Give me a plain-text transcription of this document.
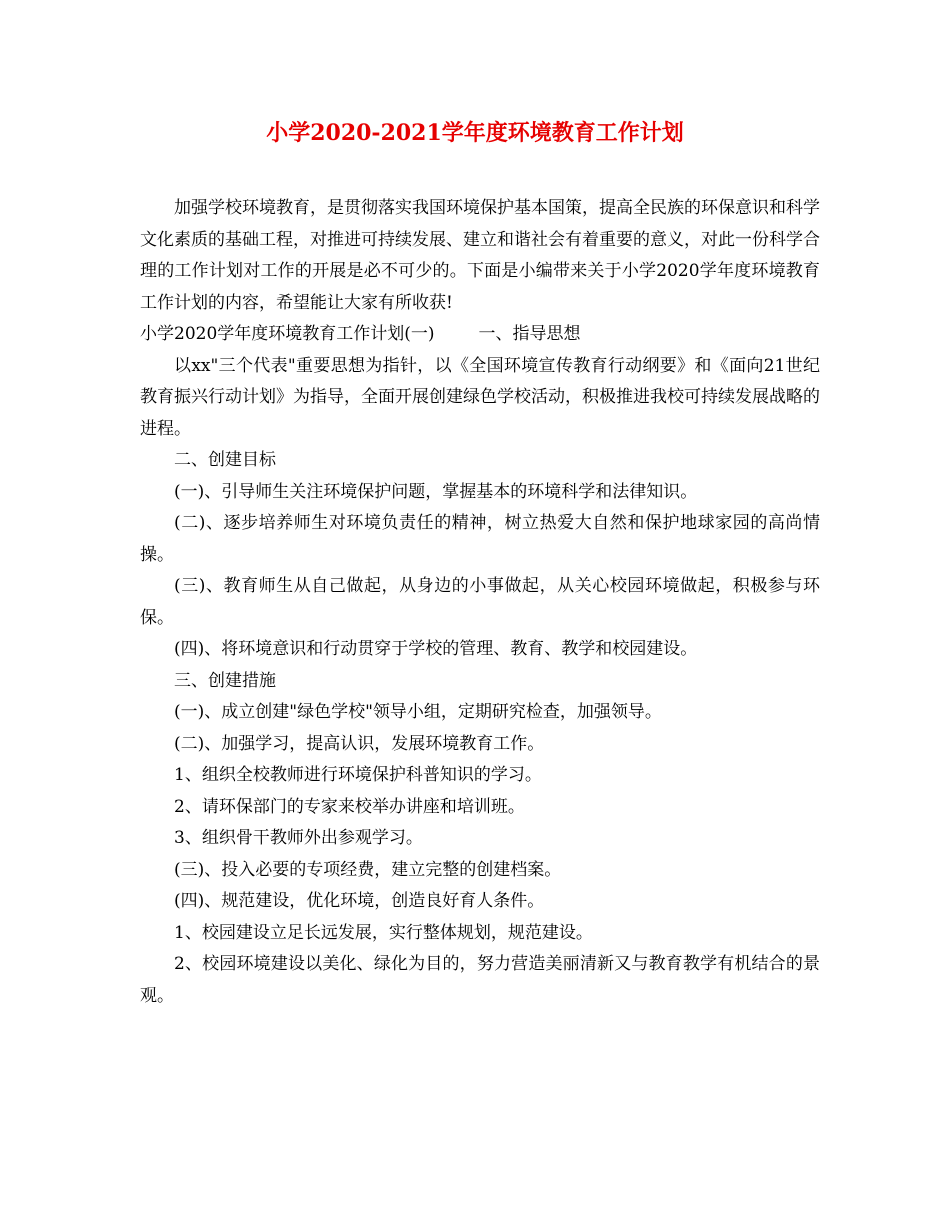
小学2020-2021学年度环境教育工作计划

加强学校环境教育，是贯彻落实我国环境保护基本国策，提高全民族的环保意识和科学文化素质的基础工程，对推进可持续发展、建立和谐社会有着重要的意义，对此一份科学合理的工作计划对工作的开展是必不可少的。下面是小编带来关于小学2020学年度环境教育工作计划的内容，希望能让大家有所收获!

小学2020学年度环境教育工作计划(一)	一、指导思想

以xx"三个代表"重要思想为指针，以《全国环境宣传教育行动纲要》和《面向21世纪教育振兴行动计划》为指导，全面开展创建绿色学校活动，积极推进我校可持续发展战略的进程。

二、创建目标

(一)、引导师生关注环境保护问题，掌握基本的环境科学和法律知识。

(二)、逐步培养师生对环境负责任的精神，树立热爱大自然和保护地球家园的高尚情操。

(三)、教育师生从自己做起，从身边的小事做起，从关心校园环境做起，积极参与环保。

(四)、将环境意识和行动贯穿于学校的管理、教育、教学和校园建设。

三、创建措施

(一)、成立创建"绿色学校"领导小组，定期研究检查，加强领导。

(二)、加强学习，提高认识，发展环境教育工作。

1、组织全校教师进行环境保护科普知识的学习。

2、请环保部门的专家来校举办讲座和培训班。

3、组织骨干教师外出参观学习。

(三)、投入必要的专项经费，建立完整的创建档案。

(四)、规范建设，优化环境，创造良好育人条件。

1、校园建设立足长远发展，实行整体规划，规范建设。

2、校园环境建设以美化、绿化为目的，努力营造美丽清新又与教育教学有机结合的景观。
